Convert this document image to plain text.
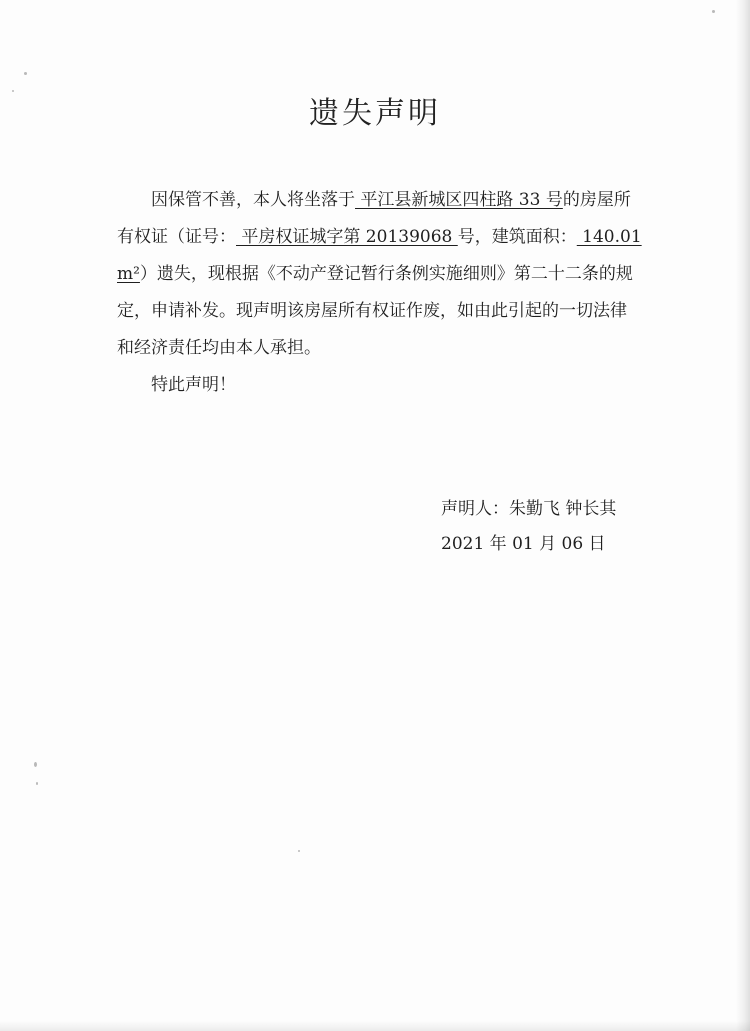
遗失声明
因保管不善，本人将坐落于 平江县新城区四柱路 33 号的房屋所
有权证（证号： 平房权证城字第 20139068 号，建筑面积： 140.01
m²）遗失，现根据《不动产登记暂行条例实施细则》第二十二条的规
定，申请补发。现声明该房屋所有权证作废，如由此引起的一切法律
和经济责任均由本人承担。
特此声明！
声明人：朱勤飞 钟长其
2021 年 01 月 06 日
